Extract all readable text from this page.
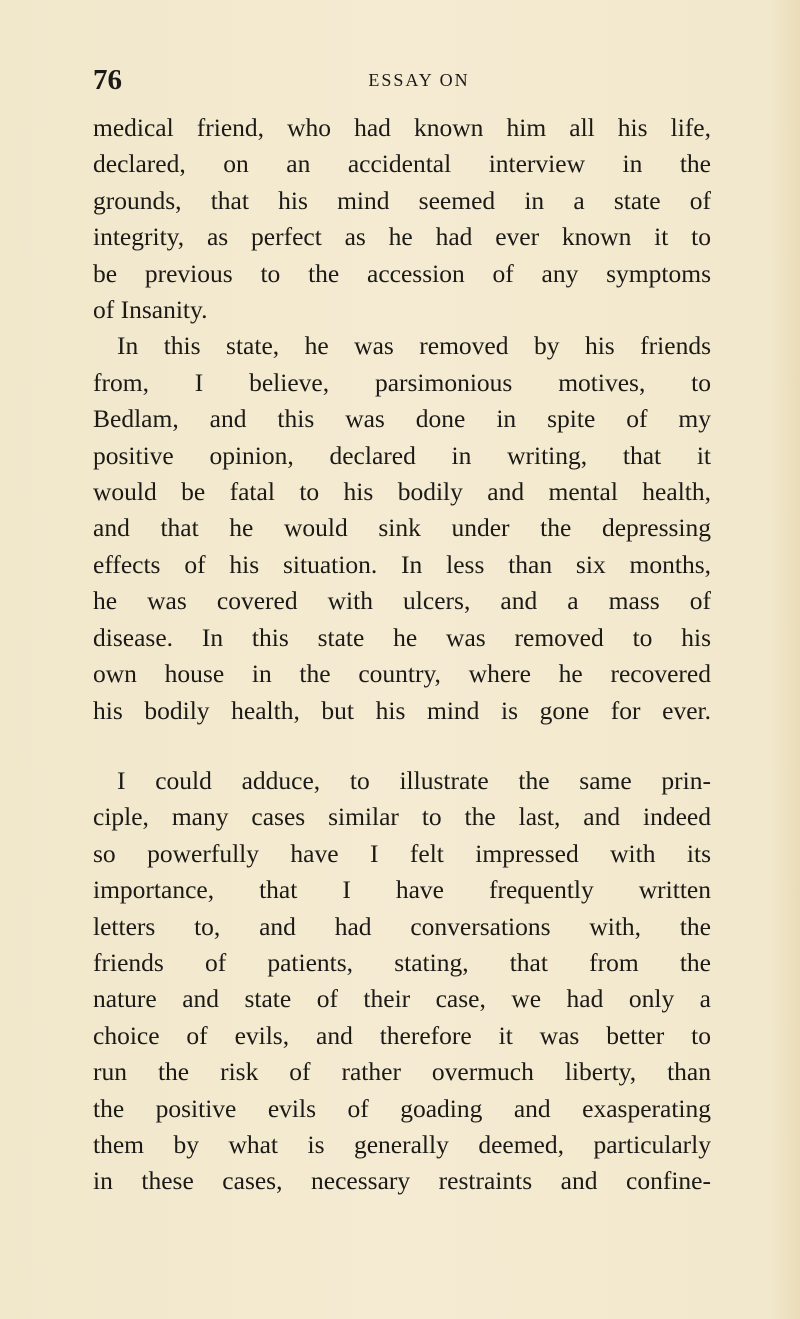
76	ESSAY ON

medical friend, who had known him all his life,
declared, on an accidental interview in the
grounds, that his mind seemed in a state of
integrity, as perfect as he had ever known it to
be previous to the accession of any symptoms
of Insanity.

In this state, he was removed by his friends
from, I believe, parsimonious motives, to
Bedlam, and this was done in spite of my
positive opinion, declared in writing, that it
would be fatal to his bodily and mental health,
and that he would sink under the depressing
effects of his situation. In less than six months,
he was covered with ulcers, and a mass of
disease. In this state he was removed to his
own house in the country, where he recovered
his bodily health, but his mind is gone for ever.

I could adduce, to illustrate the same prin-
ciple, many cases similar to the last, and indeed
so powerfully have I felt impressed with its
importance, that I have frequently written
letters to, and had conversations with, the
friends of patients, stating, that from the
nature and state of their case, we had only a
choice of evils, and therefore it was better to
run the risk of rather overmuch liberty, than
the positive evils of goading and exasperating
them by what is generally deemed, particularly
in these cases, necessary restraints and confine-
